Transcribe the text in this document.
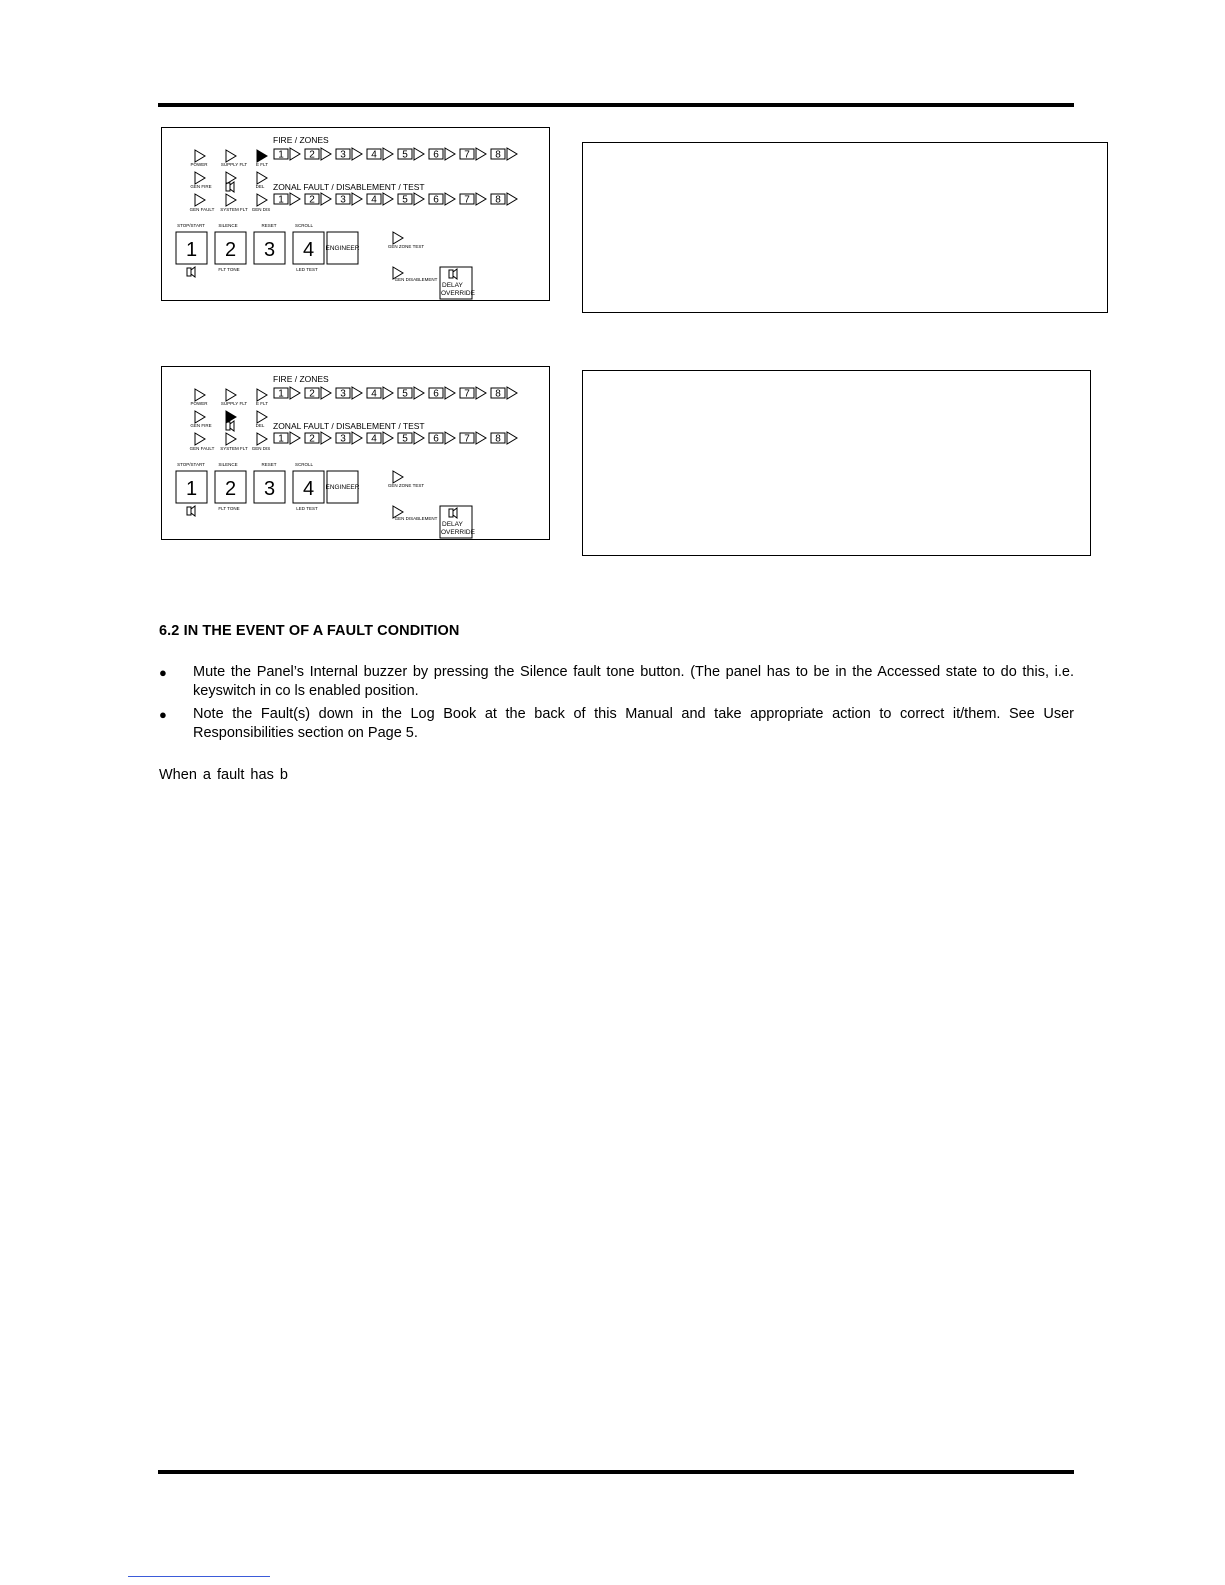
FIRE / ZONES
POWER	SUPPLY FLT E FLT
1	2	3	4	5	6	7	8
GEN FIRE	DEL ZONAL FAULT / DISABLEMENT / TEST
GEN FAULT SYSTEM FLT GEN DIS
1	2	3	4	5	6	7	8
STOP/START	SILENCE	RESET	SCROLL
1 2 3 4 ENGINEER
FLT TONE	LED TEST
GEN ZONE TEST
GEN DISABLEMENT
DELAY
OVERRIDE
FIRE / ZONES
POWER	SUPPLY FLT E FLT
1	2	3	4	5	6	7	8
GEN FIRE	DEL ZONAL FAULT / DISABLEMENT / TEST
GEN FAULT SYSTEM FLT GEN DIS
1	2	3	4	5	6	7	8
STOP/START	SILENCE	RESET	SCROLL
1 2 3 4 ENGINEER
FLT TONE	LED TEST
GEN ZONE TEST
GEN DISABLEMENT
DELAY
OVERRIDE
6.2 IN THE EVENT OF A FAULT CONDITION
● Mute the Panel’s Internal buzzer by pressing the Silence fault tone button. (The panel has to be in the Accessed state to do this, i.e. keyswitch in co ls enabled position.
● Note the Fault(s) down in the Log Book at the back of this Manual and take appropriate action to correct it/them. See User Responsibilities section on Page 5.
When a fault has b
